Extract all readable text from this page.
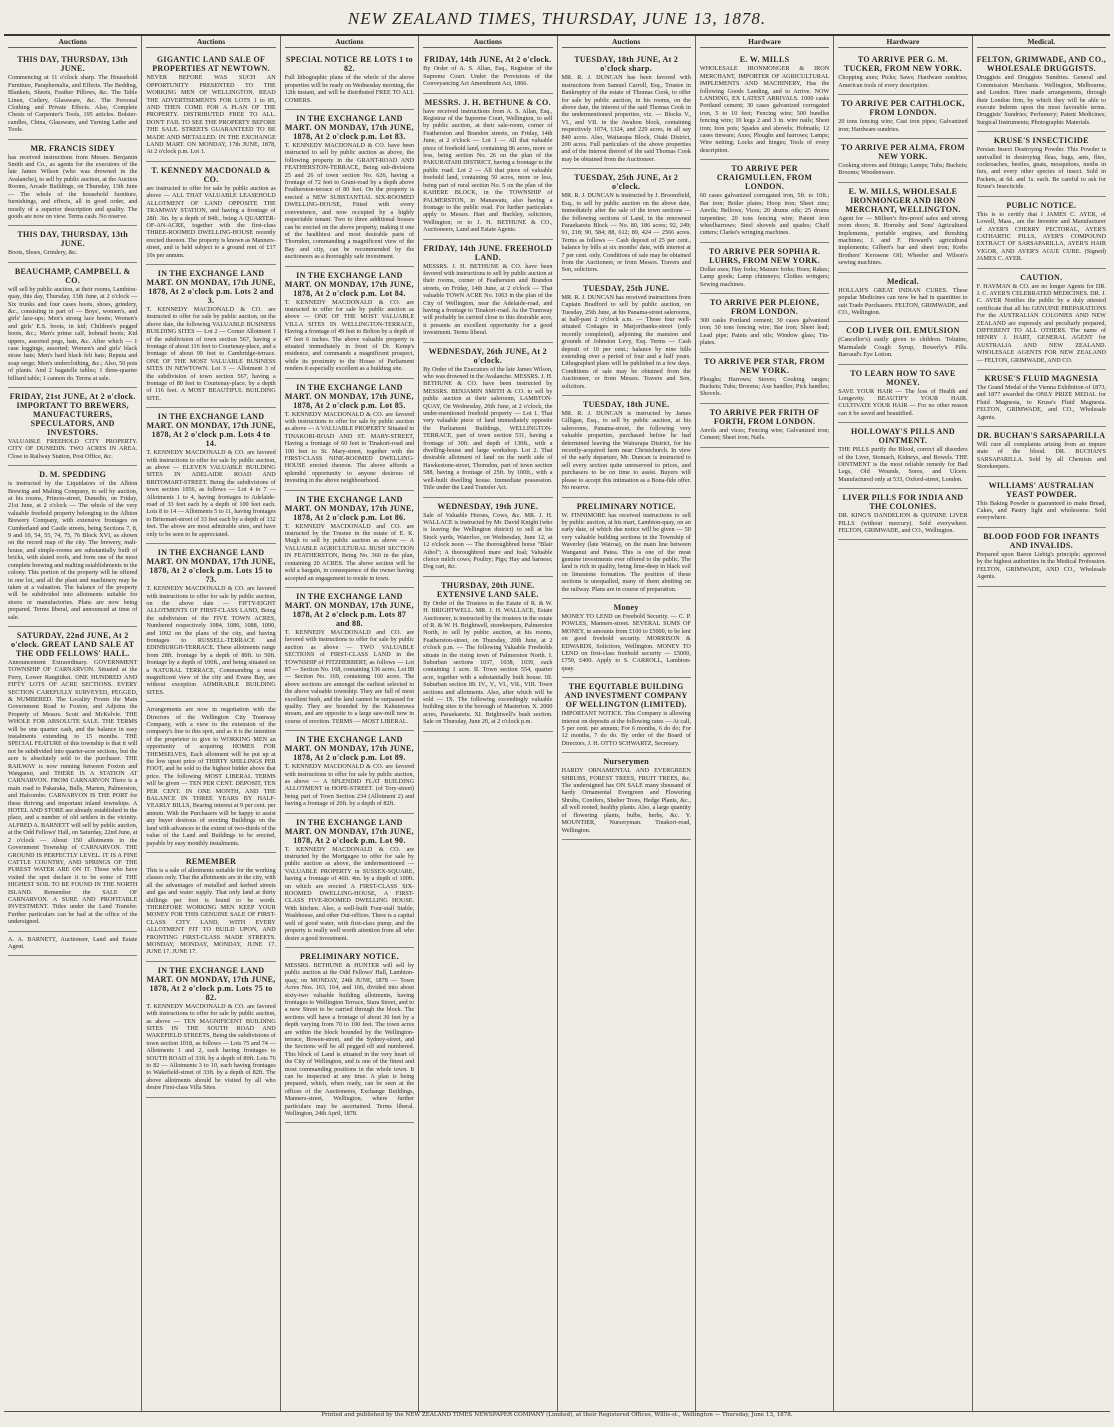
NEW ZEALAND TIMES, THURSDAY, JUNE 13, 1878.
Auctions
THIS DAY, THURSDAY, 13th JUNE.

Commencing at 11 o'clock sharp. The Household Furniture, Paraphernalia, and Effects. The Bedding, Blankets, Sheets, Feather Pillows, &c. The Table Linen, Cutlery, Glassware, &c. The Personal Clothing and Private Effects. Also, Complete Chests of Carpenter's Tools, 195 articles. Bolster-candles, China, Glassware, and Turning Lathe and Tools.

MR. FRANCIS SIDEY

has received instructions from Messrs. Benjamin Smith and Co., as agents for the executors of the late James Wilson (who was drowned in the Avalanche), to sell by public auction, at the Auction Rooms, Arcade Buildings, on Thursday, 13th June — The whole of the household furniture, furnishings, and effects, all in good order, and mostly of a superior description and quality. The goods are now on view. Terms cash. No reserve.

THIS DAY, THURSDAY, 13th JUNE.

Boots, Shoes, Grindery, &c.

BEAUCHAMP, CAMPBELL & CO.

will sell by public auction, at their rooms, Lambton-quay, this day, Thursday, 13th June, at 2 o'clock — Six trunks and four cases boots, shoes, grindery, &c., consisting in part of — Boys', women's, and girls' lace-ups; Men's strong lace boots; Women's and girls' E.S. boots, in kid; Children's pegged boots, &c.; Men's prime calf, hobnail boots; Kid uppers, assorted pegs, hats, &c. After which — 1 case leggings, assorted; Women's and girls' black straw hats; Men's hard black felt hats; Reputa and soap serge; Men's underclothing, &c.; Also, 50 pots of plants. And 2 bagatelle tables; 1 three-quarter billiard table; 1 cannon do. Terms at sale.

FRIDAY, 21st JUNE, At 2 o'clock. IMPORTANT TO BREWERS, MANUFACTURERS, SPECULATORS, AND INVESTORS.

VALUABLE FREEHOLD CITY PROPERTY. CITY OF DUNEDIN. TWO ACRES IN AREA. Close to Railway Station, Post Office, &c.

D. M. SPEDDING

is instructed by the Liquidators of the Albion Brewing and Malting Company, to sell by auction, at his rooms, Princes-street, Dunedin, on Friday, 21st June, at 2 o'clock — The whole of the very valuable freehold property belonging to the Albion Brewery Company, with extensive frontages on Cumberland and Castle streets, being Sections 7, 8, 9 and 10, 54, 55, 74, 75, 76 Block XVI, as shown on the record map of the city. The brewery, malt-house, and simple-rooms are substantially built of bricks, with slated roofs, and form one of the most complete brewing and malting establishments in the colony. This portion of the property will be offered in one lot, and all the plant and machinery may be taken at a valuation. The balance of the property will be subdivided into allotments suitable for stores or manufactories. Plans are now being prepared. Terms liberal, and announced at time of sale.

SATURDAY, 22nd JUNE, At 2 o'clock. GREAT LAND SALE AT THE ODD FELLOWS' HALL.

Announcement Extraordinary. GOVERNMENT TOWNSHIP OF CARNARVON. Situated at the Ferry, Lower Rangitikei. ONE HUNDRED AND FIFTY LOTS OF ACRE SECTIONS. EVERY SECTION CAREFULLY SURVEYED, PEGGED, & NUMBERED. The Locality Fronts the Main Government Road to Foxton, and Adjoins the Property of Messrs. Scott and McKelvie. THE WHOLE FOR ABSOLUTE SALE. THE TERMS will be one quarter cash, and the balance in easy instalments extending to 15 months. THE SPECIAL FEATURE of this township is that it will not be subdivided into quarter-acre sections, but the acre is absolutely sold to the purchaser. THE RAILWAY is now running between Foxton and Wanganui, and THERE IS A STATION AT CARNARVON. FROM CARNARVON There is a main road to Pakaraka, Bulls, Marton, Palmerston, and Halcombe. CARNARVON IS THE PORT for these thriving and important inland townships. A HOTEL AND STORE are already established in the place, and a number of old settlers in the vicinity. ALFRED A. BARNETT will sell by public auction, at the Odd Fellows' Hall, on Saturday, 22nd June, at 2 o'clock — About 150 allotments in the Government Township of CARNARVON. THE GROUND IS PERFECTLY LEVEL. IT IS A FINE CATTLE COUNTRY, AND SPRINGS OF THE PUREST WATER ARE ON IT. Those who have visited the spot declare it to be some of THE HIGHEST SOIL TO BE FOUND IN THE NORTH ISLAND. Remember the SALE OF CARNARVON. A SURE AND PROFITABLE INVESTMENT. Titles under the Land Transfer. Further particulars can be had at the office of the undersigned.

A. A. BARNETT, Auctioneer, Land and Estate Agent.

Auctions
GIGANTIC LAND SALE OF PROPERTIES AT NEWTOWN.

NEVER BEFORE WAS SUCH AN OPPORTUNITY PRESENTED TO THE WORKING MEN OF WELLINGTON. READ THE ADVERTISEMENTS FOR LOTS 1 to 85, AND THEN COME FOR A PLAN OF THE PROPERTY. DISTRIBUTED FREE TO ALL. DON'T FAIL TO SEE THE PROPERTY BEFORE THE SALE. STREETS GUARANTEED TO BE MADE AND METALLED. IN THE EXCHANGE LAND MART. ON MONDAY, 17th JUNE, 1878, At 2 o'clock p.m. Lot 1.

T. KENNEDY MACDONALD & CO.

are instructed to offer for sale by public auction as above — ALL THAT VALUABLE LEASEHOLD ALLOTMENT OF LAND OPPOSITE THE TRAMWAY STATION, and having a frontage of 28ft. 3in. by a depth of 84ft., being A QUARTER-OF-AN-ACRE, together with the first-class THREE-ROOMED DWELLING-HOUSE recently erected thereon. The property is known as Manners-street, and is held subject to a ground rent of £17 10s per annum.

IN THE EXCHANGE LAND MART. ON MONDAY, 17th JUNE, 1878, At 2 o'clock p.m. Lots 2 and 3.

T. KENNEDY MACDONALD & CO. are instructed to offer for sale by public auction, on the above date, the following VALUABLE BUSINESS BUILDING SITES — Lot 2 — Corner Allotment 1 of the subdivision of town section 567, having a frontage of about 116 feet to Courtenay-place, and a frontage of about 99 feet to Cambridge-terrace. ONE OF THE MOST VALUABLE BUSINESS SITES IN NEWTOWN. Lot 3 — Allotment 3 of the subdivision of town section 567, having a frontage of 80 feet to Courtenay-place, by a depth of 116 feet. A MOST BEAUTIFUL BUILDING SITE.

IN THE EXCHANGE LAND MART. ON MONDAY, 17th JUNE, 1878, At 2 o'clock p.m. Lots 4 to 14.

T. KENNEDY MACDONALD & CO. are favored with instructions to offer for sale by public auction, as above — ELEVEN VALUABLE BUILDING SITES IN ADELAIDE ROAD AND BRITOMART-STREET. Being the subdivisions of town section 1056, as follows — Lot 4 to 7 — Allotments 1 to 4, having frontages to Adelaide-road of 33 feet each by a depth of 100 feet each. Lots 8 to 14 — Allotments 5 to 11, having frontages to Britomart-street of 33 feet each by a depth of 132 feet. The above are most admirable sites, and have only to be seen to be appreciated.

IN THE EXCHANGE LAND MART. ON MONDAY, 17th JUNE, 1878, At 2 o'clock p.m. Lots 15 to 73.

T. KENNEDY MACDONALD & CO. are favored with instructions to offer for sale by public auction, on the above date — FIFTY-EIGHT ALLOTMENTS OF FIRST-CLASS LAND, Being the subdivision of the FIVE TOWN ACRES, Numbered respectively 1084, 1086, 1088, 1090, and 1092 on the plans of the city, and having frontages to RUSSELL-TERRACE and EDINBURGH-TERRACE. These allotments range from 28ft. frontage by a depth of 80ft. to 50ft. frontage by a depth of 100ft., and being situated on a NATURAL TERRACE, Commanding a most magnificent view of the city and Evans Bay, are without exception ADMIRABLE BUILDING SITES.

Arrangements are now in negotiation with the Directors of the Wellington City Tramway Company, with a view to the extension of the company's line to this spot, and as it is the intention of the proprietor to give to WORKING MEN an opportunity of acquiring HOMES FOR THEMSELVES, Each allotment will be put up at the low upset price of THIRTY SHILLINGS PER FOOT, and be sold to the highest bidder above that price. The following MOST LIBERAL TERMS will be given — TEN PER CENT. DEPOSIT, TEN PER CENT. IN ONE MONTH, AND THE BALANCE IN THREE YEARS BY HALF-YEARLY BILLS, Bearing interest at 9 per cent. per annum. With the Purchasers will be happy to assist any buyer desirous of erecting Buildings on the land with advances to the extent of two-thirds of the value of the Land and Buildings to be erected, payable by easy monthly instalments.

REMEMBER

This is a sale of allotments suitable for the working classes only. That the allotments are in the city, with all the advantages of metalled and kerbed streets and gas and water supply. That only land at thirty shillings per foot is found to be worth. THEREFORE WORKING MEN KEEP YOUR MONEY FOR THIS GENUINE SALE OF FIRST-CLASS CITY LAND, WITH EVERY ALLOTMENT FIT TO BUILD UPON, AND FRONTING FIRST-CLASS MADE STREETS. MONDAY, MONDAY, MONDAY, JUNE 17. JUNE 17. JUNE 17.

IN THE EXCHANGE LAND MART. ON MONDAY, 17th JUNE, 1878, At 2 o'clock p.m. Lots 75 to 82.

T. KENNEDY MACDONALD & CO. are favored with instructions to offer for sale by public auction, as above — TEN MAGNIFICENT BUILDING SITES IN THE SOUTH ROAD AND WAKEFIELD STREETS, Being the subdivisions of town section 1018, as follows — Lots 75 and 74 — Allotments 1 and 2, each having frontages to SOUTH ROAD of 33ft. by a depth of 80ft. Lots 76 to 82 — Allotments 3 to 10, each having frontages to Wakefield-street of 33ft. by a depth of 82ft. The above allotments should be visited by all who desire First-class Villa Sites.

Auctions
SPECIAL NOTICE RE LOTS 1 to 82.

Full lithographic plans of the whole of the above properties will be ready on Wednesday morning, the 12th instant, and will be distributed FREE TO ALL COMERS.

IN THE EXCHANGE LAND MART. ON MONDAY, 17th JUNE, 1878, At 2 o'clock p.m. Lot 83.

T. KENNEDY MACDONALD & CO. have been instructed to sell by public auction as above, the following property in the GRANT-ROAD AND FEATHERSTON-TERRACE, Being sub-divisions 25 and 26 of town section No. 626, having a frontage of 72 feet to Grant-road by a depth above Featherston-terrace of 80 feet. On the property is erected a NEW SUBSTANTIAL SIX-ROOMED DWELLING-HOUSE, Fitted with every convenience, and now occupied by a highly respectable tenant. Two to three additional houses can be erected on the above property, making it one of the healthiest and most desirable parts of Thorndon, commanding a magnificent view of the Bay and city, can be recommended by the auctioneers as a thoroughly safe investment.

IN THE EXCHANGE LAND MART. ON MONDAY, 17th JUNE, 1878, At 2 o'clock p.m. Lot 84.

T. KENNEDY MACDONALD & CO. are instructed to offer for sale by public auction as above — ONE OF THE MOST VALUABLE VILLA SITES IN WELLINGTON-TERRACE, Having a frontage of 49 feet to Bolton by a depth of 47 feet 6 inches. The above valuable property is situated immediately in front of Dr. Kemp's residence, and commands a magnificent prospect, while its proximity to the House of Parliament renders it especially excellent as a building site.

IN THE EXCHANGE LAND MART. ON MONDAY, 17th JUNE, 1878, At 2 o'clock p.m. Lot 85.

T. KENNEDY MACDONALD & CO. are favored with instructions to offer for sale by public auction as above — A VALUABLE PROPERTY Situated in TINAKORI-ROAD AND ST. MARY-STREET, Having a frontage of 60 feet to Tinakori-road and 100 feet to St. Mary-street, together with the FIRST-CLASS NINE-ROOMED DWELLING-HOUSE erected thereon. The above affords a splendid opportunity to anyone desirous of investing in the above neighbourhood.

IN THE EXCHANGE LAND MART. ON MONDAY, 17th JUNE, 1878, At 2 o'clock p.m. Lot 86.

T. KENNEDY MACDONALD and CO. are instructed by the Trustee in the estate of E. K. Mugh to sell by public auction as above — A VALUABLE AGRICULTURAL BUSH SECTION IN FEATHERSTON, Being No. 360 in the plan, containing 20 ACRES. The above section will be sold a bargain, in consequence of the owner having accepted an engagement to reside in town.

IN THE EXCHANGE LAND MART. ON MONDAY, 17th JUNE, 1878, At 2 o'clock p.m. Lots 87 and 88.

T. KENNEDY MACDONALD and CO. are favored with instructions to offer for sale by public auction as above — TWO VALUABLE SECTIONS of FIRST-CLASS LAND in the TOWNSHIP of FITZHERBERT, as follows — Lot 87 — Section No. 168, containing 136 acres. Lot 88 — Section No. 169, containing 160 acres. The above sections are amongst the earliest selected in the above valuable township. They are full of most excellent bush, and the land cannot be surpassed for quality. They are bounded by the Kahuterawa stream, and are opposite to a large saw-mill now in course of erection. TERMS — MOST LIBERAL.

IN THE EXCHANGE LAND MART. ON MONDAY, 17th JUNE, 1878, At 2 o'clock p.m. Lot 89.

T. KENNEDY MACDONALD & CO. are favored with instructions to offer for sale by public auction, as above — A SPLENDID FLAT BUILDING ALLOTMENT in HOPE-STREET. (of Tory-street) being part of Town Section 234 (Allotment 2) and having a frontage of 20ft. by a depth of 82ft.

IN THE EXCHANGE LAND MART. ON MONDAY, 17th JUNE, 1878, At 2 o'clock p.m. Lot 90.

T. KENNEDY MACDONALD & CO. are instructed by the Mortgagee to offer for sale by public auction as above, the undermentioned — VALUABLE PROPERTY in SUSSEX-SQUARE, having a frontage of 46ft. 4in. by a depth of 100ft. on which are erected A FIRST-CLASS SIX-ROOMED DWELLING-HOUSE, A FIRST-CLASS FIVE-ROOMED DWELLING HOUSE. With kitchen. Also, a well-built Four-stall Stable, Washhouse, and other Out-offices. There is a capital well of good water, with first-class pump, and the property is really well worth attention from all who desire a good investment.

PRELIMINARY NOTICE.

MESSRS. BETHUNE & HUNTER will sell by public auction at the Odd Fellows' Hall, Lambton-quay, on MONDAY, 24th JUNE, 1878 — Town Acres Nos. 163, 164, and 166, divided into about sixty-two valuable building allotments, having frontages to Wellington Terrace, Stara Street, and to a new Street to be carried through the block. The sections will have a frontage of about 30 feet by a depth varying from 70 to 100 feet. The town acres are within the block bounded by the Wellington-terrace, Bowen-street, and the Sydney-street, and the Sections will be all pegged off and numbered. This block of Land is situated in the very heart of the City of Wellington, and is one of the finest and most commanding positions in the whole town. It can be inspected at any time. A plan is being prepared, which, when ready, can be seen at the offices of the Auctioneers, Exchange Buildings, Manners-street, Wellington, where further particulars may be ascertained. Terms liberal. Wellington, 24th April, 1878.

Auctions
FRIDAY, 14th JUNE, At 2 o'clock.

By Order of A. S. Allan, Esq., Registrar of the Supreme Court. Under the Provisions of the Conveyancing Act Amendment Act, 1866.

MESSRS. J. H. BETHUNE & CO.

have received instructions from A. S. Allan, Esq., Registrar of the Supreme Court, Wellington, to sell by public auction, at their sale-room, corner of Featherston and Brandon streets, on Friday, 14th June, at 2 o'clock — Lot 1 — All that valuable piece of freehold land, containing 86 acres, more or less, being section No. 26 on the plan of the PAKURATAHI DISTRICT, having a frontage to the public road. Lot 2 — All that piece of valuable freehold land, containing 50 acres, more or less, being part of rural section No. 5 on the plan of the KAHERE BLOCK, in the TOWNSHIP of PALMERSTON, in Manawatu, also having a frontage to the public road. For further particulars apply to Messrs. Hart and Buckley, solicitors, Wellington; or to J. H. BETHUNE & CO., Auctioneers, Land and Estate Agents.

FRIDAY, 14th JUNE. FREEHOLD LAND.

MESSRS. J. H. BETHUNE & CO. have been favored with instructions to sell by public auction at their rooms, corner of Featherston and Brandon streets, on Friday, 14th June, at 2 o'clock — That valuable TOWN ACRE No. 1063 in the plan of the City of Wellington, near the Adelaide-road, and having a frontage to Tinakori-road. As the Tramway will probably be carried close to this desirable acre, it presents an excellent opportunity for a good investment. Terms liberal.

WEDNESDAY, 26th JUNE, At 2 o'clock.

By Order of the Executors of the late James Wilson, who was drowned in the Avalanche. MESSRS. J. H. BETHUNE & CO. have been instructed by MESSRS. BENJAMIN SMITH & CO. to sell by public auction at their saleroom, LAMBTON-QUAY, On Wednesday, 26th June, at 2 o'clock, the under-mentioned freehold property — Lot 1. That very valuable piece of land immediately opposite the Parliament Buildings, WELLINGTON-TERRACE, part of town section 531, having a frontage of 30ft. and depth of 130ft., with a dwelling-house and large workshop. Lot 2. That desirable allotment of land on the north side of Hawkestone-street, Thorndon, part of town section 588, having a frontage of 25ft. by 100ft., with a well-built dwelling house. Immediate possession. Title under the Land Transfer Act.

WEDNESDAY, 19th JUNE.

Sale of Valuable Horses, Cows, &c. MR. J. H. WALLACE is instructed by Mr. David Knight (who is leaving the Wellington district) to sell at his Stock yards, Waterloo, on Wednesday, June 12, at 12 o'clock noon — The thoroughbred horse "Blair Athol"; A thoroughbred mare and foal; Valuable choice milch cows; Poultry; Pigs; Hay and harness; Dog cart, &c.

THURSDAY, 20th JUNE. EXTENSIVE LAND SALE.

By Order of the Trustees in the Estate of R. & W. H. BRIGHTWELL. MR. J. H. WALLACE, Estate Auctioneer, is instructed by the trustees in the estate of R. & W. H. Brightwell, storekeepers, Palmerston North, to sell by public auction, at his rooms, Featherston-street, on Thursday, 20th June, at 2 o'clock p.m. — The following Valuable Freeholds situate in the rising town of Palmerston North. I. Suburban sections 1037, 1038, 1039, each containing 1 acre. II. Town section 554, quarter acre, together with a substantially built house. III. Suburban section 89. IV., V., VI., VII., VIII. Town sections and allotments. Also, after which will be sold — IX. The following exceedingly valuable building sites in the borough of Masterton. X. 2000 acres, Paraekaretu. XI. Brightwell's bush section. Sale on Thursday, June 20, at 2 o'clock p.m.

Auctions
TUESDAY, 18th JUNE, At 2 o'clock sharp.

MR. R. J. DUNCAN has been favored with instructions from Samuel Carroll, Esq., Trustee in Bankruptcy of the estate of Thomas Cook, to offer for sale by public auction, in his rooms, on the above date, the interest of the said Thomas Cook in the undermentioned properties, viz. — Blocks V., VI., and VII. in the Awahou block, containing respectively 1074, 1324, and 229 acres, in all say 840 acres. Also, Waitarapa Block, Otaki District, 200 acres. Full particulars of the above properties and of the interest thereof of the said Thomas Cook may be obtained from the Auctioneer.

TUESDAY, 25th JUNE, At 2 o'clock.

MR. R. J. DUNCAN is instructed by J. Broomfield, Esq., to sell by public auction on the above date, immediately after the sale of the town sections — the following sections of Land, in the renowned Paraekaretu Block — No. 80, 186 acres; 92, 249; 91, 218; 90, 584; 88, 612; 89, 424 — 2566 acres. Terms as follows — Cash deposit of 25 per cent., balance by bills at six months' date, with interest at 7 per cent. only. Conditions of sale may be obtained from the Auctioneer, or from Messrs. Travers and Son, solicitors.

TUESDAY, 25th JUNE.

MR. R. J. DUNCAN has received instructions from Captain Bradford to sell by public auction, on Tuesday, 25th June, at his Panama-street salerooms, at half-past 2 o'clock a.m. — Those four well-situated Cottages in Marjoribanks-street (only recently completed), adjoining the mansion and grounds of Johnston Levy, Esq. Terms — Cash deposit of 10 per cent.; balance by nine bills extending over a period of four and a half years. Lithographed plans will be published in a few days. Conditions of sale may be obtained from the Auctioneer, or from Messrs. Travers and Son, solicitors.

TUESDAY, 18th JUNE.

MR. R. J. DUNCAN is instructed by James Gilligan, Esq., to sell by public auction, at his salerooms, Panama-street, the following very valuable properties, purchased before he had determined leaving the Wairarapa District, for his recently-acquired farm near Christchurch. In view of the early departure, Mr. Duncan is instructed to sell every section quite unreserved to prices, and purchasers to be on time to assist. Buyers will please to accept this intimation as a Bona-fide offer. No reserve.

PRELIMINARY NOTICE.

W. FINNIMORE has received instructions to sell by public auction, at his mart, Lambton-quay, on an early date, of which due notice will be given — 50 very valuable building sections in the Township of Waverley (late Wairoa), on the main line between Wanganui and Patea. This is one of the most genuine investments ever offered to the public. The land is rich in quality, being lime-deep in black soil on limestone formation. The position of these sections is unequalled, many of them abutting on the railway. Plans are in course of preparation.

Money

MONEY TO LEND on Freehold Security. — C. P. POWLES, Manners-street. SEVERAL SUMS OF MONEY, in amounts from £100 to £5000, to be lent on good freehold security. MORRISON & EDWARDS, Solicitors, Wellington. MONEY TO LEND on first-class freehold security — £5000, £750, £400. Apply to S. CARROLL, Lambton-quay.

THE EQUITABLE BUILDING AND INVESTMENT COMPANY OF WELLINGTON (LIMITED).

IMPORTANT NOTICE. This Company is allowing interest on deposits at the following rates — At call, 5 per cent. per annum; For 6 months, 6 do do; For 12 months, 7 do do. By order of the Board of Directors, J. H. OTTO SCHWARTZ, Secretary.

Nurserymen

HARDY ORNAMENTAL AND EVERGREEN SHRUBS, FOREST TREES, FRUIT TREES, &c. The undersigned has ON SALE many thousand of hardy Ornamental Evergreen and Flowering Shrubs, Conifers, Shelter Trees, Hedge Plants, &c., all well rooted, healthy plants. Also, a large quantity of flowering plants, bulbs, herbs, &c. Y. MOUNTIER, Nurseryman. Tinakori-road, Wellington.

Hardware
E. W. MILLS

WHOLESALE IRONMONGER & IRON MERCHANT, IMPORTER OF AGRICULTURAL IMPLEMENTS AND MACHINERY, Has the following Goods Landing, and to Arrive. NOW LANDING, EX LATEST ARRIVALS. 1000 casks Portland cement; 30 cases galvanized corrugated iron, 5 to 10 feet; Fencing wire; 500 bundles fencing wire; 10 kegs 2 and 3 in. wire nails; Sheet iron; Iron pots; Spades and shovels; Hobnails; 12 cases tinware; Axes; Ploughs and harrows; Lamps; Wire netting; Locks and hinges; Tools of every description.

TO ARRIVE PER CRAIGMULLEN, FROM LONDON.

60 cases galvanized corrugated iron, 5ft. to 10ft.; Bar iron; Boiler plates; Hoop iron; Sheet zinc; Anvils; Bellows; Vices; 20 drums oils; 25 drums turpentine; 20 tons fencing wire; Patent iron wheelbarrows; Steel shovels and spades; Chaff cutters; Clarke's wringing machines.

TO ARRIVE PER SOPHIA R. LUHRS, FROM NEW YORK.

Dollar axes; Hay forks; Manure forks; Hoes; Rakes; Lamp goods; Lamp chimneys; Clothes wringers; Sewing machines.

TO ARRIVE PER PLEIONE, FROM LONDON.

300 casks Portland cement; 30 cases galvanized iron; 30 tons fencing wire; Bar iron; Sheet lead; Lead pipe; Paints and oils; Window glass; Tin-plates.

TO ARRIVE PER STAR, FROM NEW YORK.

Ploughs; Harrows; Stoves; Cooking ranges; Buckets; Tubs; Brooms; Axe handles; Pick handles; Shovels.

TO ARRIVE PER FRITH OF FORTH, FROM LONDON.

Anvils and vices; Fencing wire; Galvanized iron; Cement; Sheet iron; Nails.

Hardware
TO ARRIVE PER G. M. TUCKER, FROM NEW YORK.

Chopping axes; Picks; Saws; Hardware sundries; American tools of every description.

TO ARRIVE PER CAITHLOCK, FROM LONDON.

20 tons fencing wire; Cast iron pipes; Galvanized iron; Hardware sundries.

TO ARRIVE PER ALMA, FROM NEW YORK.

Cooking stoves and fittings; Lamps; Tubs; Buckets; Brooms; Woodenware.

E. W. MILLS, WHOLESALE IRONMONGER AND IRON MERCHANT, WELLINGTON.

Agent for — Millner's fire-proof safes and strong room doors; R. Hornsby and Sons' Agricultural Implements, portable engines, and threshing machines; J. and F. Howard's agricultural implements; Gilbert's bar and sheet iron; Krebs Brothers' Kerosene Oil; Wheeler and Wilson's sewing machines.

Medical.

HOLLAH'S GREAT INDIAN CURES. These popular Medicines can now be had in quantities to suit Trade Purchasers. FELTON, GRIMWADE, and CO., Wellington.

COD LIVER OIL EMULSION

(Cancellor's) easily given to children. Tolutine, Marmalade Cough Syrup, Bowerly's Pills. Barraud's Eye Lotion.

TO LEARN HOW TO SAVE MONEY.

SAVE YOUR HAIR — The loss of Health and Longevity. BEAUTIFY YOUR HAIR. CULTIVATE YOUR HAIR — For no other reason can it be saved and beautified.

HOLLOWAY'S PILLS AND OINTMENT.

THE PILLS purify the Blood, correct all disorders of the Liver, Stomach, Kidneys, and Bowels. THE OINTMENT is the most reliable remedy for Bad Legs, Old Wounds, Sores, and Ulcers. Manufactured only at 533, Oxford-street, London.

LIVER PILLS FOR INDIA AND THE COLONIES.

DR. KING'S DANDELION & QUININE LIVER PILLS (without mercury). Sold everywhere. FELTON, GRIMWADE, and CO., Wellington.

Medical.
FELTON, GRIMWADE, AND CO., WHOLESALE DRUGGISTS.

Druggists and Druggists Sundries. General and Commission Merchants. Wellington, Melbourne, and London. Have made arrangements, through their London firm, by which they will be able to execute Indents upon the most favorable terms. Druggists' Sundries; Perfumery; Patent Medicines; Surgical Instruments; Photographic Materials.

KRUSE'S INSECTICIDE

Persian Insect Destroying Powder. This Powder is unrivalled in destroying fleas, bugs, ants, flies, cockroaches, beetles, gnats, mosquitoes, moths in furs, and every other species of insect. Sold in Packets, at 6d. and 1s. each. Be careful to ask for Kruse's Insecticide.

PUBLIC NOTICE.

This is to certify that I JAMES C. AYER, of Lowell, Mass., am the Inventor and Manufacturer of AYER'S CHERRY PECTORAL, AYER'S CATHARTIC PILLS, AYER'S COMPOUND EXTRACT OF SARSAPARILLA, AYER'S HAIR VIGOR, AND AYER'S AGUE CURE. (Signed) JAMES C. AYER.

CAUTION.

F. HAYMAN & CO. are no longer Agents for DR. J. C. AYER'S CELEBRATED MEDICINES. DR. J. C. AYER Notifies the public by a duly attested certificate that all his GENUINE PREPARATIONS For the AUSTRALIAN COLONIES AND NEW ZEALAND are expressly and peculiarly prepared, DIFFERENT TO ALL OTHERS. The name of HENRY J. HART, GENERAL AGENT for AUSTRALIA AND NEW ZEALAND. WHOLESALE AGENTS FOR NEW ZEALAND — FELTON, GRIMWADE, AND CO.

KRUSE'S FLUID MAGNESIA

The Grand Medal of the Vienna Exhibition of 1873, and 1877 awarded the ONLY PRIZE MEDAL for Fluid Magnesia, to Kruse's Fluid Magnesia. FELTON, GRIMWADE, and CO., Wholesale Agents.

DR. BUCHAN'S SARSAPARILLA

Will cure all complaints arising from an impure state of the blood. DR. BUCHAN'S SARSAPARILLA. Sold by all Chemists and Storekeepers.

WILLIAMS' AUSTRALIAN YEAST POWDER.

This Baking Powder is guaranteed to make Bread, Cakes, and Pastry light and wholesome. Sold everywhere.

BLOOD FOOD FOR INFANTS AND INVALIDS.

Prepared upon Baron Liebig's principle; approved by the highest authorities in the Medical Profession. FELTON, GRIMWADE, AND CO., Wholesale Agents.

Printed and published by the NEW ZEALAND TIMES NEWSPAPER COMPANY (Limited), at their Registered Offices, Willis-st., Wellington — Thursday, June 13, 1878.
